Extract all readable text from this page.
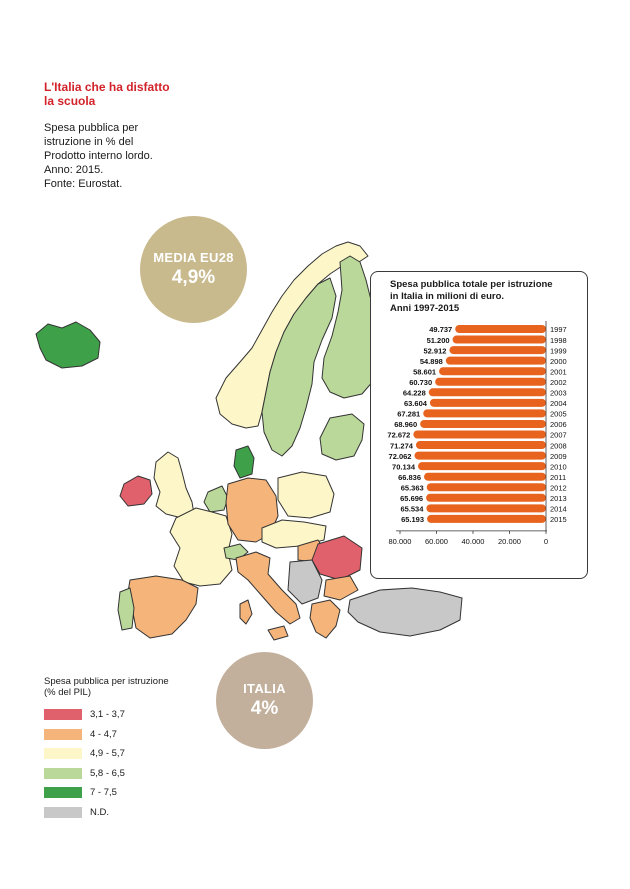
L'Italia che ha disfatto
la scuola
Spesa pubblica per
istruzione in % del
Prodotto interno lordo.
Anno: 2015.
Fonte: Eurostat.
MEDIA EU28
4,9%
ITALIA
4%
Spesa pubblica totale per istruzione
in Italia in milioni di euro.
Anni 1997-2015
49.737	1997
51.200	1998
52.912	1999
54.898	2000
58.601	2001
60.730	2002
64.228	2003
63.604	2004
67.281	2005
68.960	2006
72.672	2007
71.274	2008
72.062	2009
70.134	2010
66.836	2011
65.363	2012
65.696	2013
65.534	2014
65.193	2015
80.000 60.000 40.000 20.000	0
Spesa pubblica per istruzione
(% del PIL)
3,1 - 3,7
4 - 4,7
4,9 - 5,7
5,8 - 6,5
7 - 7,5
N.D.
